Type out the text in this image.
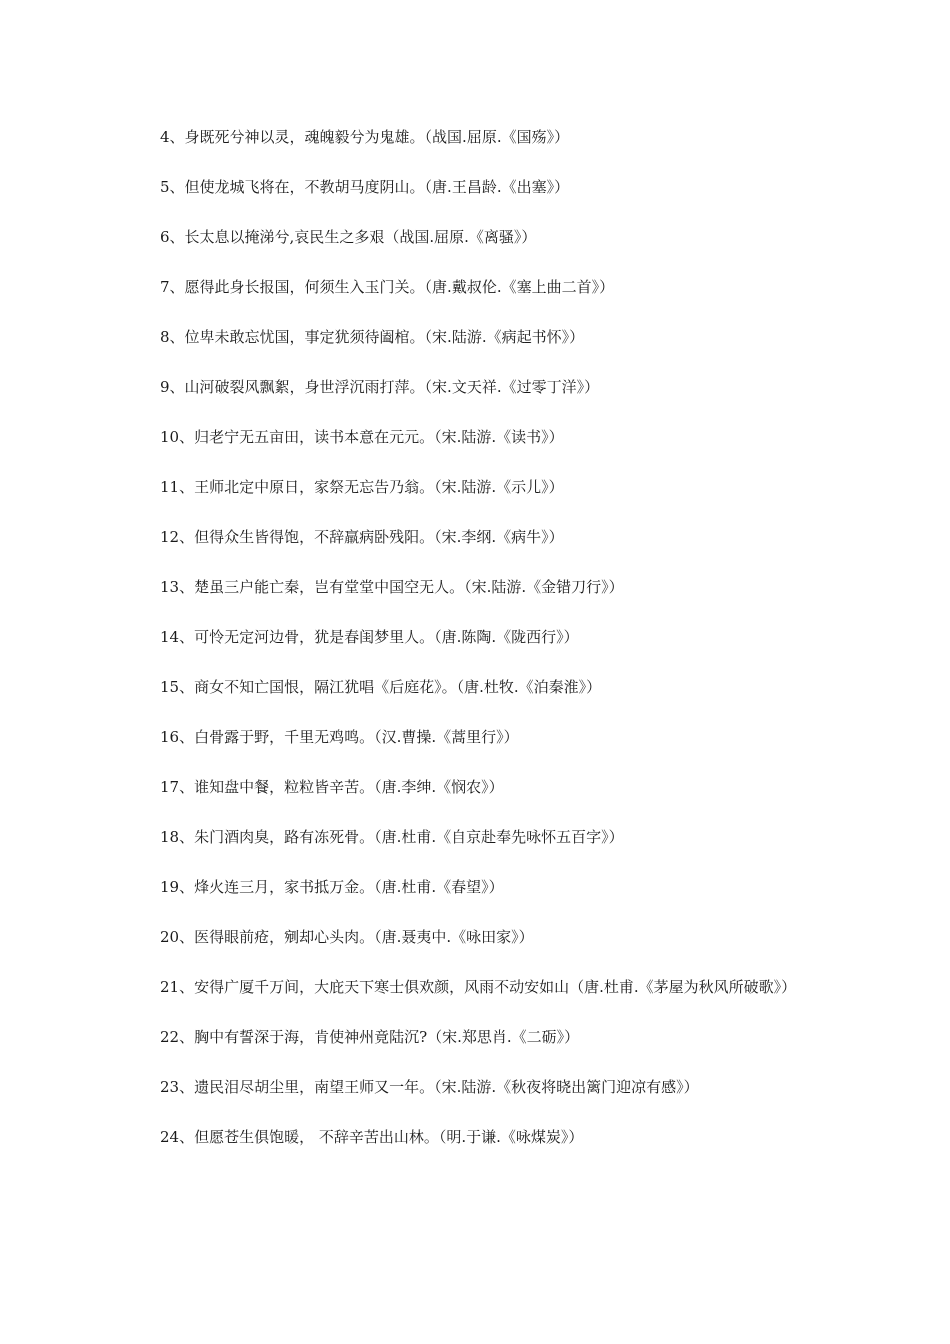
4、身既死兮神以灵，魂魄毅兮为鬼雄。（战国.屈原.《国殇》）
5、但使龙城飞将在，不教胡马度阴山。（唐.王昌龄.《出塞》）
6、长太息以掩涕兮,哀民生之多艰（战国.屈原.《离骚》）
7、愿得此身长报国，何须生入玉门关。（唐.戴叔伦.《塞上曲二首》）
8、位卑未敢忘忧国，事定犹须待阖棺。（宋.陆游.《病起书怀》）
9、山河破裂风飘絮，身世浮沉雨打萍。（宋.文天祥.《过零丁洋》）
10、归老宁无五亩田，读书本意在元元。（宋.陆游.《读书》）
11、王师北定中原日，家祭无忘告乃翁。（宋.陆游.《示儿》）
12、但得众生皆得饱，不辞羸病卧残阳。（宋.李纲.《病牛》）
13、楚虽三户能亡秦，岂有堂堂中国空无人。（宋.陆游.《金错刀行》）
14、可怜无定河边骨，犹是春闺梦里人。（唐.陈陶.《陇西行》）
15、商女不知亡国恨，隔江犹唱《后庭花》。（唐.杜牧.《泊秦淮》）
16、白骨露于野，千里无鸡鸣。（汉.曹操.《蒿里行》）
17、谁知盘中餐，粒粒皆辛苦。（唐.李绅.《悯农》）
18、朱门酒肉臭，路有冻死骨。（唐.杜甫.《自京赴奉先咏怀五百字》）
19、烽火连三月，家书抵万金。（唐.杜甫.《春望》）
20、医得眼前疮，剜却心头肉。（唐.聂夷中.《咏田家》）
21、安得广厦千万间，大庇天下寒士俱欢颜，风雨不动安如山（唐.杜甫.《茅屋为秋风所破歌》）
22、胸中有誓深于海，肯使神州竟陆沉?（宋.郑思肖.《二砺》）
23、遗民泪尽胡尘里，南望王师又一年。（宋.陆游.《秋夜将晓出篱门迎凉有感》）
24、但愿苍生俱饱暖， 不辞辛苦出山林。（明.于谦.《咏煤炭》）
